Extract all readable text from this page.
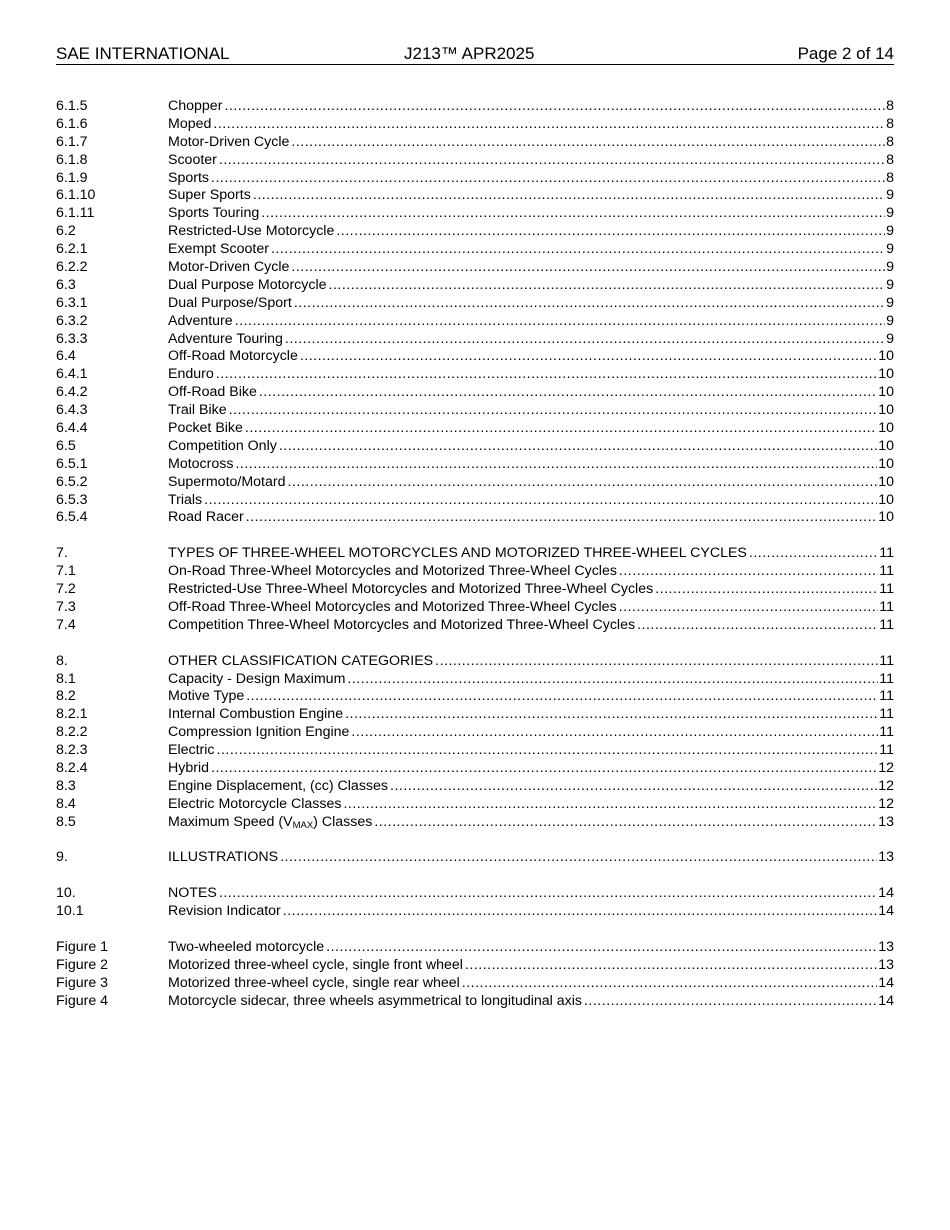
SAE INTERNATIONAL	J213™ APR2025	Page 2 of 14
6.1.5	Chopper .....	8
6.1.6	Moped .....	8
6.1.7	Motor-Driven Cycle .....	8
6.1.8	Scooter .....	8
6.1.9	Sports .....	8
6.1.10	Super Sports .....	9
6.1.11	Sports Touring .....	9
6.2	Restricted-Use Motorcycle .....	9
6.2.1	Exempt Scooter .....	9
6.2.2	Motor-Driven Cycle .....	9
6.3	Dual Purpose Motorcycle .....	9
6.3.1	Dual Purpose/Sport .....	9
6.3.2	Adventure .....	9
6.3.3	Adventure Touring .....	9
6.4	Off-Road Motorcycle .....	10
6.4.1	Enduro .....	10
6.4.2	Off-Road Bike .....	10
6.4.3	Trail Bike .....	10
6.4.4	Pocket Bike .....	10
6.5	Competition Only .....	10
6.5.1	Motocross .....	10
6.5.2	Supermoto/Motard .....	10
6.5.3	Trials .....	10
6.5.4	Road Racer .....	10
7.	TYPES OF THREE-WHEEL MOTORCYCLES AND MOTORIZED THREE-WHEEL CYCLES .....	11
7.1	On-Road Three-Wheel Motorcycles and Motorized Three-Wheel Cycles .....	11
7.2	Restricted-Use Three-Wheel Motorcycles and Motorized Three-Wheel Cycles .....	11
7.3	Off-Road Three-Wheel Motorcycles and Motorized Three-Wheel Cycles .....	11
7.4	Competition Three-Wheel Motorcycles and Motorized Three-Wheel Cycles .....	11
8.	OTHER CLASSIFICATION CATEGORIES .....	11
8.1	Capacity - Design Maximum .....	11
8.2	Motive Type .....	11
8.2.1	Internal Combustion Engine .....	11
8.2.2	Compression Ignition Engine .....	11
8.2.3	Electric .....	11
8.2.4	Hybrid .....	12
8.3	Engine Displacement, (cc) Classes .....	12
8.4	Electric Motorcycle Classes .....	12
8.5	Maximum Speed $(V_{MAX})$ Classes .....	13
9.	ILLUSTRATIONS .....	13
10.	NOTES .....	14
10.1	Revision Indicator .....	14
Figure 1	Two-wheeled motorcycle .....	13
Figure 2	Motorized three-wheel cycle, single front wheel .....	13
Figure 3	Motorized three-wheel cycle, single rear wheel .....	14
Figure 4	Motorcycle sidecar, three wheels asymmetrical to longitudinal axis .....	14
